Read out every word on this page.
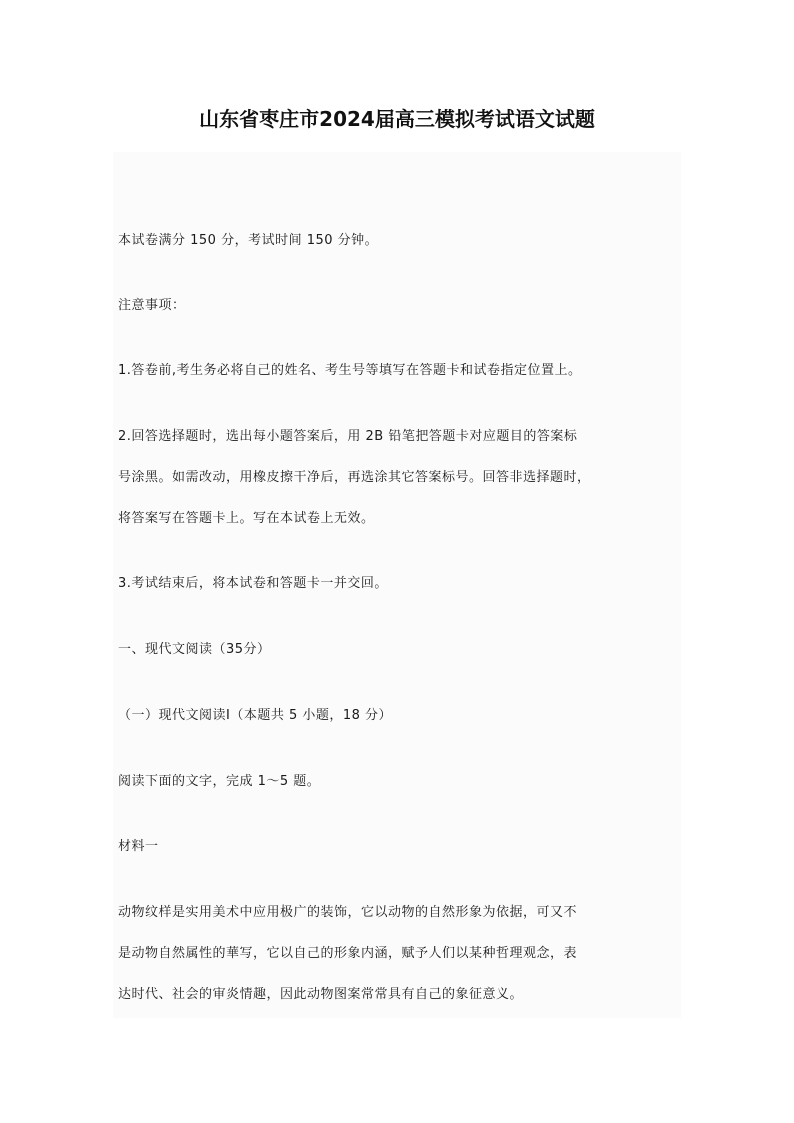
山东省枣庄市2024届高三模拟考试语文试题

本试卷满分 150 分，考试时间 150 分钟。

注意事项：

1.答卷前,考生务必将自己的姓名、考生号等填写在答题卡和试卷指定位置上。

2.回答选择题时，选出每小题答案后，用 2B 铅笔把答题卡对应题目的答案标
号涂黑。如需改动，用橡皮擦干净后，再选涂其它答案标号。回答非选择题时，
将答案写在答题卡上。写在本试卷上无效。

3.考试结束后，将本试卷和答题卡一并交回。

一、现代文阅读（35分）

（一）现代文阅读Ⅰ（本题共 5 小题，18 分）

阅读下面的文字，完成 1～5 题。

材料一

动物纹样是实用美术中应用极广的装饰，它以动物的自然形象为依据，可又不
是动物自然属性的華写，它以自己的形象内涵，赋予人们以某种哲理观念，表
达时代、社会的审炎情趣，因此动物图案常常具有自己的象征意义。
